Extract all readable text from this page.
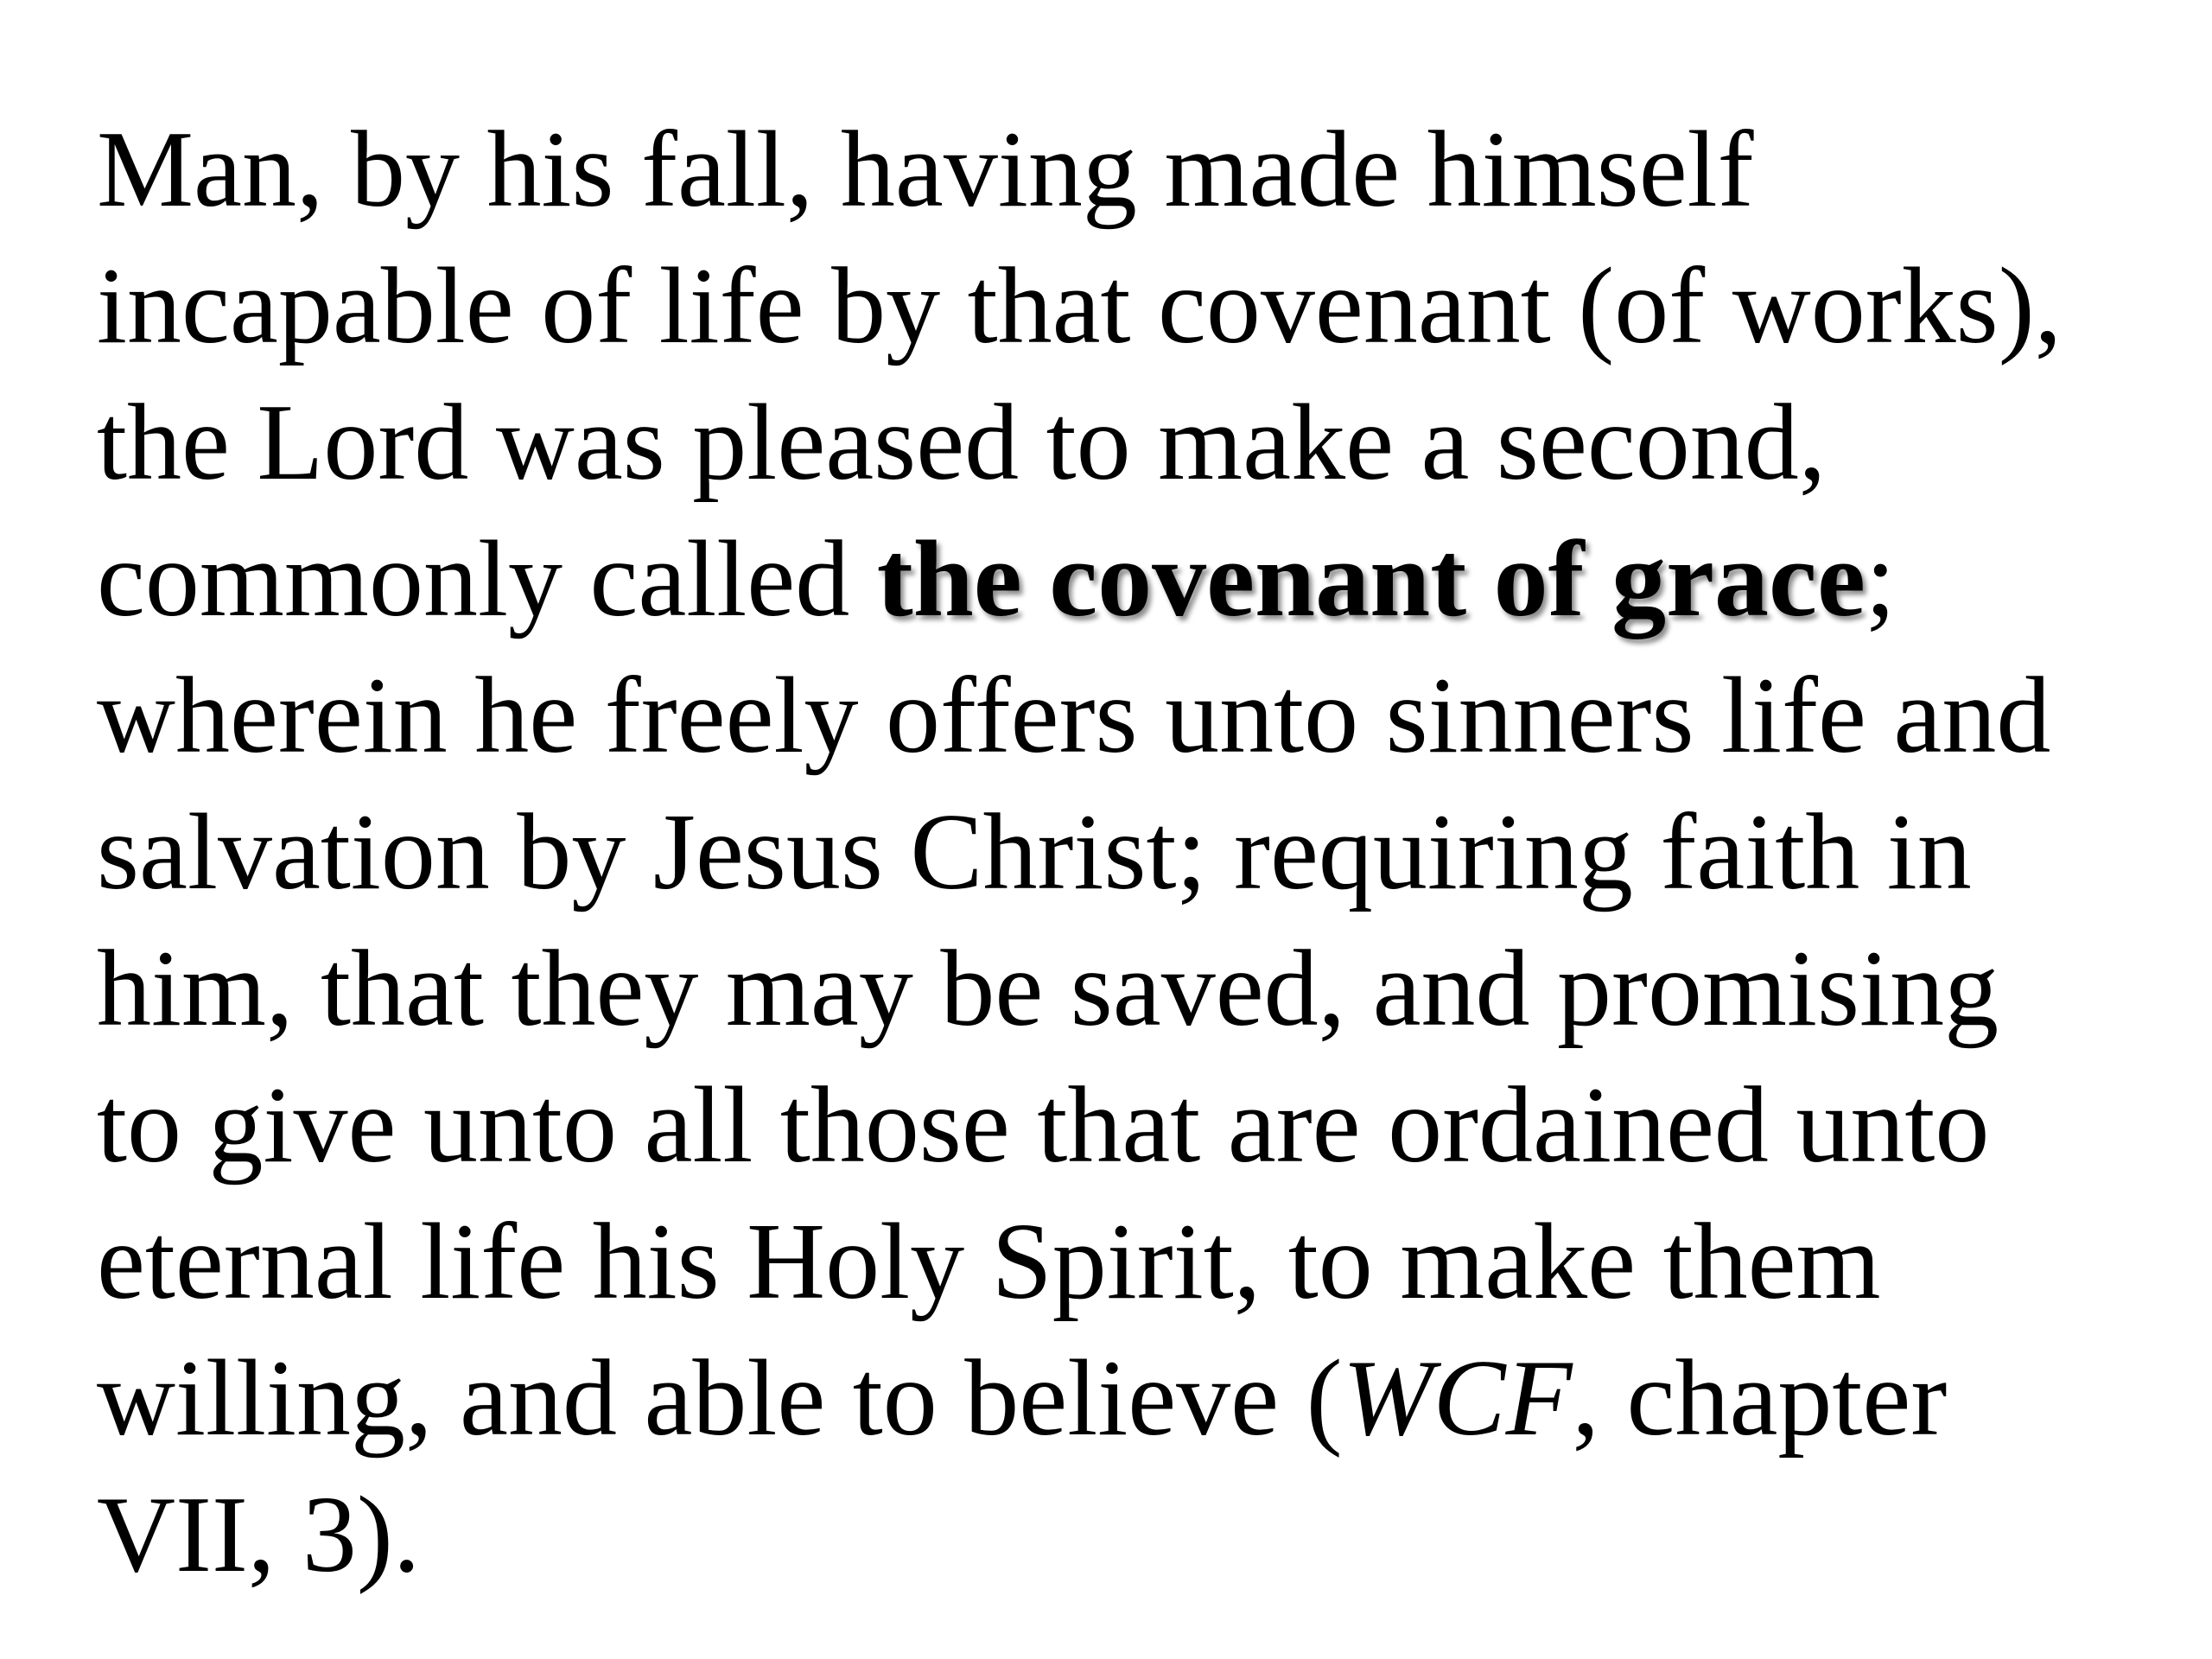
Man, by his fall, having made himself
incapable of life by that covenant (of works),
the Lord was pleased to make a second,
commonly called the covenant of grace;
wherein he freely offers unto sinners life and
salvation by Jesus Christ; requiring faith in
him, that they may be saved, and promising
to give unto all those that are ordained unto
eternal life his Holy Spirit, to make them
willing, and able to believe (WCF, chapter
VII, 3).
